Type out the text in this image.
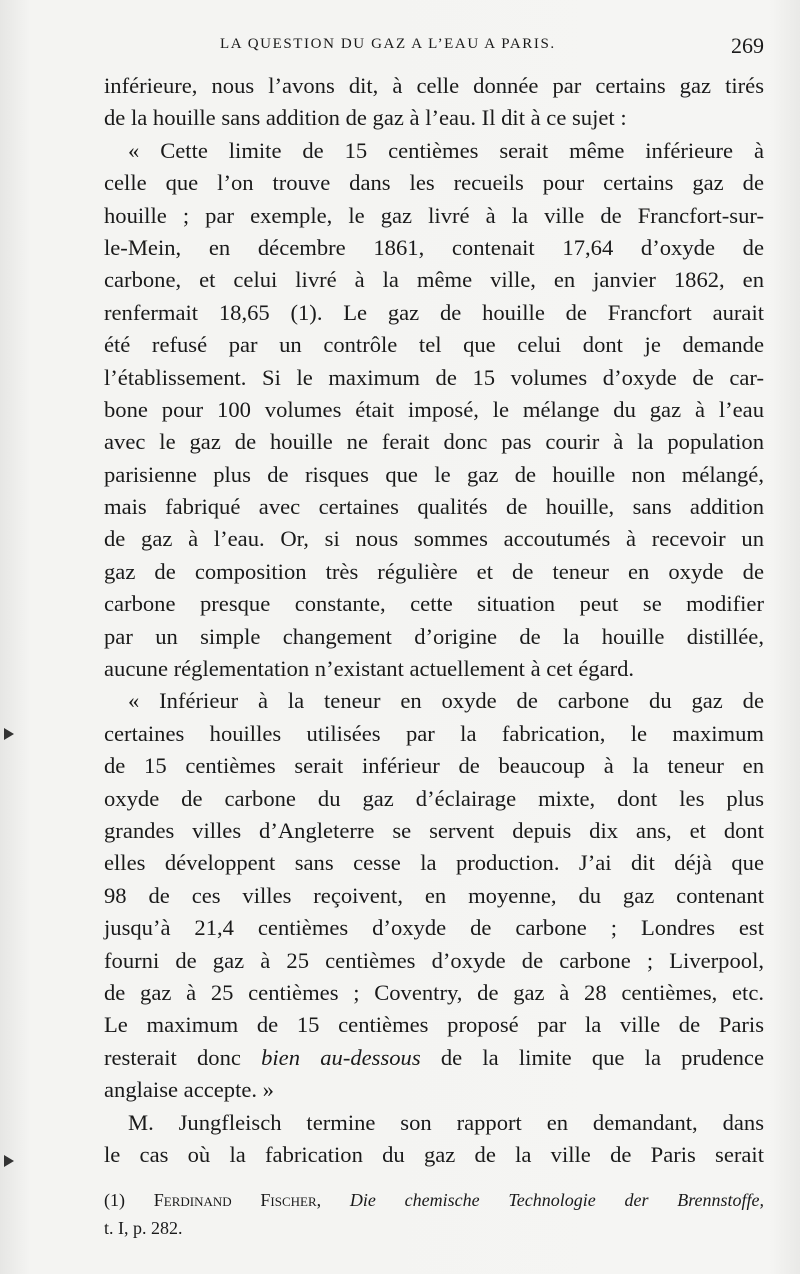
LA QUESTION DU GAZ A L’EAU A PARIS.	269
inférieure, nous l’avons dit, à celle donnée par certains gaz tirés
de la houille sans addition de gaz à l’eau. Il dit à ce sujet :
« Cette limite de 15 centièmes serait même inférieure à
celle que l’on trouve dans les recueils pour certains gaz de
houille ; par exemple, le gaz livré à la ville de Francfort-sur-
le-Mein, en décembre 1861, contenait 17,64 d’oxyde de
carbone, et celui livré à la même ville, en janvier 1862, en
renfermait 18,65 (1). Le gaz de houille de Francfort aurait
été refusé par un contrôle tel que celui dont je demande
l’établissement. Si le maximum de 15 volumes d’oxyde de car-
bone pour 100 volumes était imposé, le mélange du gaz à l’eau
avec le gaz de houille ne ferait donc pas courir à la population
parisienne plus de risques que le gaz de houille non mélangé,
mais fabriqué avec certaines qualités de houille, sans addition
de gaz à l’eau. Or, si nous sommes accoutumés à recevoir un
gaz de composition très régulière et de teneur en oxyde de
carbone presque constante, cette situation peut se modifier
par un simple changement d’origine de la houille distillée,
aucune réglementation n’existant actuellement à cet égard.
« Inférieur à la teneur en oxyde de carbone du gaz de
certaines houilles utilisées par la fabrication, le maximum
de 15 centièmes serait inférieur de beaucoup à la teneur en
oxyde de carbone du gaz d’éclairage mixte, dont les plus
grandes villes d’Angleterre se servent depuis dix ans, et dont
elles développent sans cesse la production. J’ai dit déjà que
98 de ces villes reçoivent, en moyenne, du gaz contenant
jusqu’à 21,4 centièmes d’oxyde de carbone ; Londres est
fourni de gaz à 25 centièmes d’oxyde de carbone ; Liverpool,
de gaz à 25 centièmes ; Coventry, de gaz à 28 centièmes, etc.
Le maximum de 15 centièmes proposé par la ville de Paris
resterait donc bien au-dessous de la limite que la prudence
anglaise accepte. »
M. Jungfleisch termine son rapport en demandant, dans
le cas où la fabrication du gaz de la ville de Paris serait
(1) Ferdinand Fischer, Die chemische Technologie der Brennstoffe,
t. I, p. 282.
